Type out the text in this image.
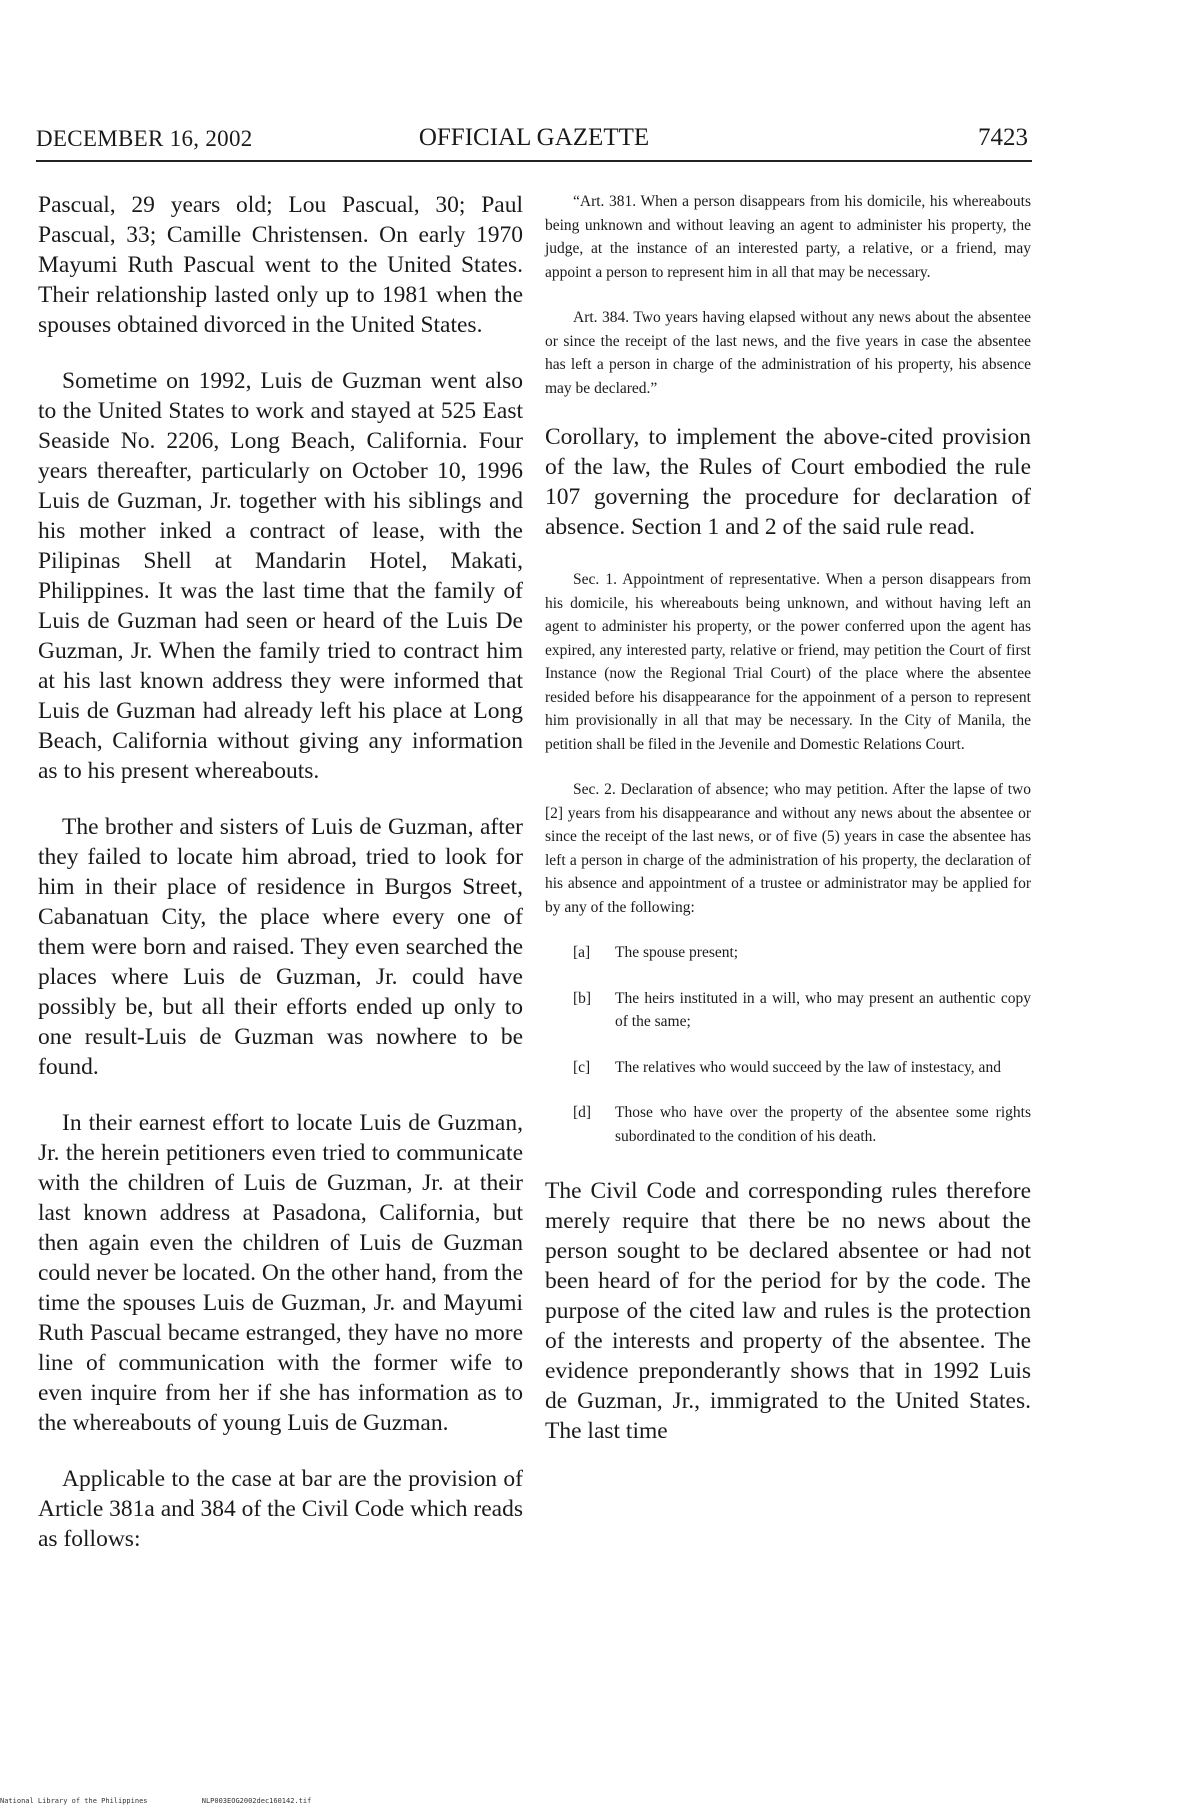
DECEMBER 16, 2002	OFFICIAL GAZETTE	7423

Pascual, 29 years old; Lou Pascual, 30; Paul Pascual, 33; Camille Christensen. On early 1970 Mayumi Ruth Pascual went to the United States. Their relationship lasted only up to 1981 when the spouses obtained divorced in the United States.

Sometime on 1992, Luis de Guzman went also to the United States to work and stayed at 525 East Seaside No. 2206, Long Beach, California. Four years thereafter, particularly on October 10, 1996 Luis de Guzman, Jr. together with his siblings and his mother inked a contract of lease, with the Pilipinas Shell at Mandarin Hotel, Makati, Philippines. It was the last time that the family of Luis de Guzman had seen or heard of the Luis De Guzman, Jr. When the family tried to contract him at his last known address they were informed that Luis de Guzman had already left his place at Long Beach, California without giving any information as to his present whereabouts.

The brother and sisters of Luis de Guzman, after they failed to locate him abroad, tried to look for him in their place of residence in Burgos Street, Cabanatuan City, the place where every one of them were born and raised. They even searched the places where Luis de Guzman, Jr. could have possibly be, but all their efforts ended up only to one result-Luis de Guzman was nowhere to be found.

In their earnest effort to locate Luis de Guzman, Jr. the herein petitioners even tried to communicate with the children of Luis de Guzman, Jr. at their last known address at Pasadona, California, but then again even the children of Luis de Guzman could never be located. On the other hand, from the time the spouses Luis de Guzman, Jr. and Mayumi Ruth Pascual became estranged, they have no more line of communication with the former wife to even inquire from her if she has information as to the whereabouts of young Luis de Guzman.

Applicable to the case at bar are the provision of Article 381a and 384 of the Civil Code which reads as follows:

“Art. 381. When a person disappears from his domicile, his whereabouts being unknown and without leaving an agent to administer his property, the judge, at the instance of an interested party, a relative, or a friend, may appoint a person to represent him in all that may be necessary.

Art. 384. Two years having elapsed without any news about the absentee or since the receipt of the last news, and the five years in case the absentee has left a person in charge of the administration of his property, his absence may be declared.”

Corollary, to implement the above-cited provision of the law, the Rules of Court embodied the rule 107 governing the procedure for declaration of absence. Section 1 and 2 of the said rule read.

Sec. 1. Appointment of representative. When a person disappears from his domicile, his whereabouts being unknown, and without having left an agent to administer his property, or the power conferred upon the agent has expired, any interested party, relative or friend, may petition the Court of first Instance (now the Regional Trial Court) of the place where the absentee resided before his disappearance for the appoinment of a person to represent him provisionally in all that may be necessary. In the City of Manila, the petition shall be filed in the Jevenile and Domestic Relations Court.

Sec. 2. Declaration of absence; who may petition. After the lapse of two [2] years from his disappearance and without any news about the absentee or since the receipt of the last news, or of five (5) years in case the absentee has left a person in charge of the administration of his property, the declaration of his absence and appointment of a trustee or administrator may be applied for by any of the following:

[a]	The spouse present;
[b]	The heirs instituted in a will, who may present an authentic copy of the same;
[c]	The relatives who would succeed by the law of instestacy, and
[d]	Those who have over the property of the absentee some rights subordinated to the condition of his death.

The Civil Code and corresponding rules therefore merely require that there be no news about the person sought to be declared absentee or had not been heard of for the period for by the code. The purpose of the cited law and rules is the protection of the interests and property of the absentee. The evidence preponderantly shows that in 1992 Luis de Guzman, Jr., immigrated to the United States. The last time

National Library of the Philippines	NLP003EOG2002dec160142.tif
